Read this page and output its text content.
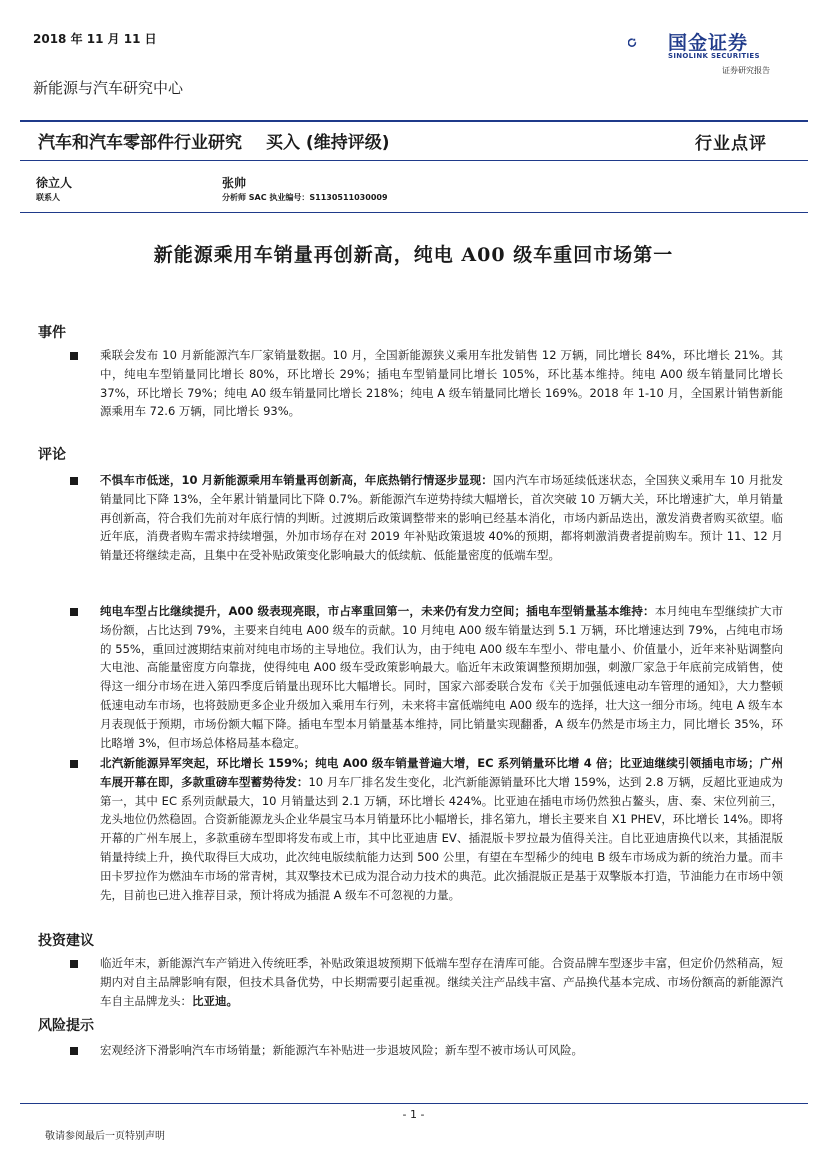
2018 年 11 月 11 日
新能源与汽车研究中心
国金证券
SINOLINK SECURITIES
证券研究报告
汽车和汽车零部件行业研究 买入 (维持评级)	行业点评
徐立人
联系人
张帅
分析师 SAC 执业编号：S1130511030009
新能源乘用车销量再创新高，纯电 A00 级车重回市场第一
事件
乘联会发布 10 月新能源汽车厂家销量数据。10 月，全国新能源狭义乘用车批发销售 12 万辆，同比增长 84%，环比增长 21%。其中，纯电车型销量同比增长 80%，环比增长 29%；插电车型销量同比增长 105%，环比基本维持。纯电 A00 级车销量同比增长 37%，环比增长 79%；纯电 A0 级车销量同比增长 218%；纯电 A 级车销量同比增长 169%。2018 年 1-10 月，全国累计销售新能源乘用车 72.6 万辆，同比增长 93%。
评论
不惧车市低迷，10 月新能源乘用车销量再创新高，年底热销行情逐步显现：国内汽车市场延续低迷状态，全国狭义乘用车 10 月批发销量同比下降 13%，全年累计销量同比下降 0.7%。新能源汽车逆势持续大幅增长，首次突破 10 万辆大关，环比增速扩大，单月销量再创新高，符合我们先前对年底行情的判断。过渡期后政策调整带来的影响已经基本消化，市场内新品迭出，激发消费者购买欲望。临近年底，消费者购车需求持续增强，外加市场存在对 2019 年补贴政策退坡 40%的预期，都将刺激消费者提前购车。预计 11、12 月销量还将继续走高，且集中在受补贴政策变化影响最大的低续航、低能量密度的低端车型。
纯电车型占比继续提升，A00 级表现亮眼，市占率重回第一，未来仍有发力空间；插电车型销量基本维持：本月纯电车型继续扩大市场份额，占比达到 79%，主要来自纯电 A00 级车的贡献。10 月纯电 A00 级车销量达到 5.1 万辆，环比增速达到 79%，占纯电市场的 55%，重回过渡期结束前对纯电市场的主导地位。我们认为，由于纯电 A00 级车车型小、带电量小、价值量小，近年来补贴调整向大电池、高能量密度方向靠拢，使得纯电 A00 级车受政策影响最大。临近年末政策调整预期加强，刺激厂家急于年底前完成销售，使得这一细分市场在进入第四季度后销量出现环比大幅增长。同时，国家六部委联合发布《关于加强低速电动车管理的通知》，大力整顿低速电动车市场，也将鼓励更多企业升级加入乘用车行列，未来将丰富低端纯电 A00 级车的选择，壮大这一细分市场。纯电 A 级车本月表现低于预期，市场份额大幅下降。插电车型本月销量基本维持，同比销量实现翻番，A 级车仍然是市场主力，同比增长 35%，环比略增 3%，但市场总体格局基本稳定。
北汽新能源异军突起，环比增长 159%；纯电 A00 级车销量普遍大增，EC 系列销量环比增 4 倍；比亚迪继续引领插电市场；广州车展开幕在即，多款重磅车型蓄势待发：10 月车厂排名发生变化，北汽新能源销量环比大增 159%，达到 2.8 万辆，反超比亚迪成为第一，其中 EC 系列贡献最大，10 月销量达到 2.1 万辆，环比增长 424%。比亚迪在插电市场仍然独占鳌头，唐、秦、宋位列前三，龙头地位仍然稳固。合资新能源龙头企业华晨宝马本月销量环比小幅增长，排名第九，增长主要来自 X1 PHEV，环比增长 14%。即将开幕的广州车展上，多款重磅车型即将发布或上市，其中比亚迪唐 EV、插混版卡罗拉最为值得关注。自比亚迪唐换代以来，其插混版销量持续上升，换代取得巨大成功，此次纯电版续航能力达到 500 公里，有望在车型稀少的纯电 B 级车市场成为新的统治力量。而丰田卡罗拉作为燃油车市场的常青树，其双擎技术已成为混合动力技术的典范。此次插混版正是基于双擎版本打造，节油能力在市场中领先，目前也已进入推荐目录，预计将成为插混 A 级车不可忽视的力量。
投资建议
临近年末，新能源汽车产销进入传统旺季，补贴政策退坡预期下低端车型存在清库可能。合资品牌车型逐步丰富，但定价仍然稍高，短期内对自主品牌影响有限，但技术具备优势，中长期需要引起重视。继续关注产品线丰富、产品换代基本完成、市场份额高的新能源汽车自主品牌龙头：比亚迪。
风险提示
宏观经济下滑影响汽车市场销量；新能源汽车补贴进一步退坡风险；新车型不被市场认可风险。
- 1 -
敬请参阅最后一页特别声明
